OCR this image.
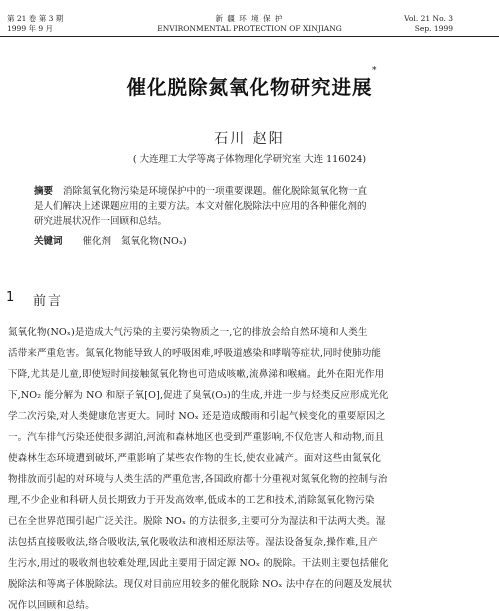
第 21 卷 第 3 期
1999 年 9 月
新 疆 环 境 保 护
ENVIRONMENTAL PROTECTION OF XINJIANG
Vol. 21 No. 3
Sep. 1999
催化脱除氮氧化物研究进展
*
石川 赵阳
( 大连理工大学等离子体物理化学研究室 大连 116024)
摘要 消除氮氧化物污染是环境保护中的一项重要课题。催化脱除氮氧化物一直
是人们解决上述课题应用的主要方法。本文对催化脱除法中应用的各种催化剂的
研究进展状况作一回顾和总结。
关键词 催化剂 氮氧化物(NOₓ)
1 前言
氮氧化物(NOₓ)是造成大气污染的主要污染物质之一,它的排放会给自然环境和人类生
活带来严重危害。氮氧化物能导致人的呼吸困难,呼吸道感染和哮喘等症状,同时使肺功能
下降,尤其是儿童,即使短时间接触氮氧化物也可造成咳嗽,流鼻涕和喉痛。此外在阳光作用
下,NO₂ 能分解为 NO 和原子氧[O],促进了臭氧(O₃)的生成,并进一步与烃类反应形成光化
学二次污染,对人类健康危害更大。同时 NOₓ 还是造成酸雨和引起气候变化的重要原因之
一。汽车排气污染还使很多湖泊,河流和森林地区也受到严重影响,不仅危害人和动物,而且
使森林生态环境遭到破坏,严重影响了某些农作物的生长,使农业减产。面对这些由氮氧化
物排放而引起的对环境与人类生活的严重危害,各国政府都十分重视对氮氧化物的控制与治
理,不少企业和科研人员长期致力于开发高效率,低成本的工艺和技术,消除氮氧化物污染
已在全世界范围引起广泛关注。脱除 NOₓ 的方法很多,主要可分为湿法和干法两大类。湿
法包括直接吸收法,络合吸收法,氧化吸收法和液相还原法等。湿法设备复杂,操作难,且产
生污水,用过的吸收剂也较难处理,因此主要用于固定源 NOₓ 的脱除。干法则主要包括催化
脱除法和等离子体脱除法。现仅对目前应用较多的催化脱除 NOₓ 法中存在的问题及发展状
况作以回顾和总结。
